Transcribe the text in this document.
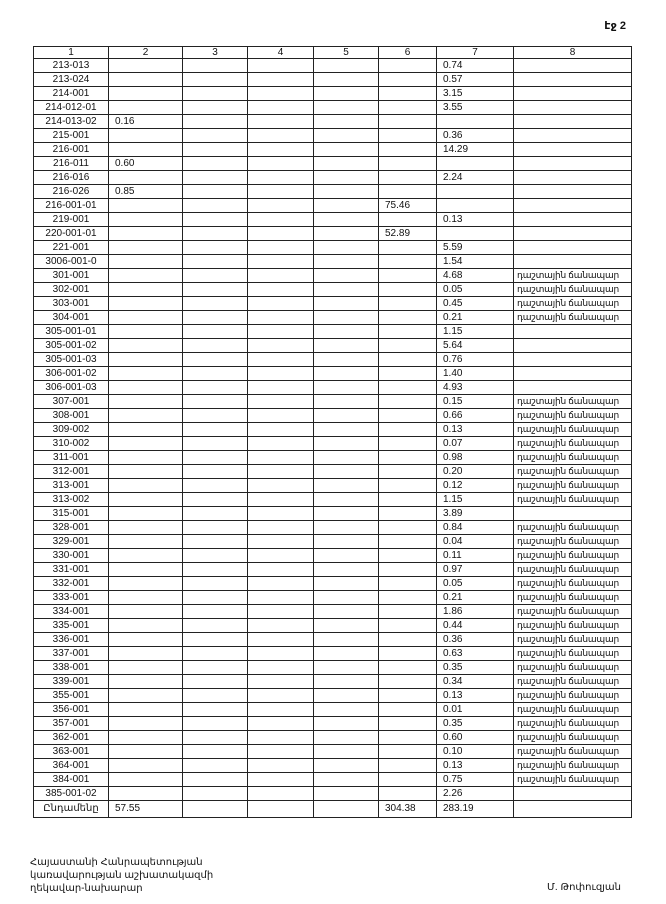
էջ 2
1	2	3	4	5	6	7	8
213-013						0.74	
213-024						0.57	
214-001						3.15	
214-012-01						3.55	
214-013-02	0.16						
215-001						0.36	
216-001						14.29	
216-011	0.60						
216-016						2.24	
216-026	0.85						
216-001-01					75.46		
219-001						0.13	
220-001-01					52.89		
221-001						5.59	
3006-001-0						1.54	
301-001						4.68	դաշտային ճանապար
302-001						0.05	դաշտային ճանապար
303-001						0.45	դաշտային ճանապար
304-001						0.21	դաշտային ճանապար
305-001-01						1.15	
305-001-02						5.64	
305-001-03						0.76	
306-001-02						1.40	
306-001-03						4.93	
307-001						0.15	դաշտային ճանապար
308-001						0.66	դաշտային ճանապար
309-002						0.13	դաշտային ճանապար
310-002						0.07	դաշտային ճանապար
311-001						0.98	դաշտային ճանապար
312-001						0.20	դաշտային ճանապար
313-001						0.12	դաշտային ճանապար
313-002						1.15	դաշտային ճանապար
315-001						3.89	
328-001						0.84	դաշտային ճանապար
329-001						0.04	դաշտային ճանապար
330-001						0.11	դաշտային ճանապար
331-001						0.97	դաշտային ճանապար
332-001						0.05	դաշտային ճանապար
333-001						0.21	դաշտային ճանապար
334-001						1.86	դաշտային ճանապար
335-001						0.44	դաշտային ճանապար
336-001						0.36	դաշտային ճանապար
337-001						0.63	դաշտային ճանապար
338-001						0.35	դաշտային ճանապար
339-001						0.34	դաշտային ճանապար
355-001						0.13	դաշտային ճանապար
356-001						0.01	դաշտային ճանապար
357-001						0.35	դաշտային ճանապար
362-001						0.60	դաշտային ճանապար
363-001						0.10	դաշտային ճանապար
364-001						0.13	դաշտային ճանապար
384-001						0.75	դաշտային ճանապար
385-001-02						2.26	
Ընդամենը	57.55				304.38	283.19	
Հայաստանի Հանրապետության
կառավարության աշխատակազմի
ղեկավար-նախարար	Մ. Թոփուզյան
